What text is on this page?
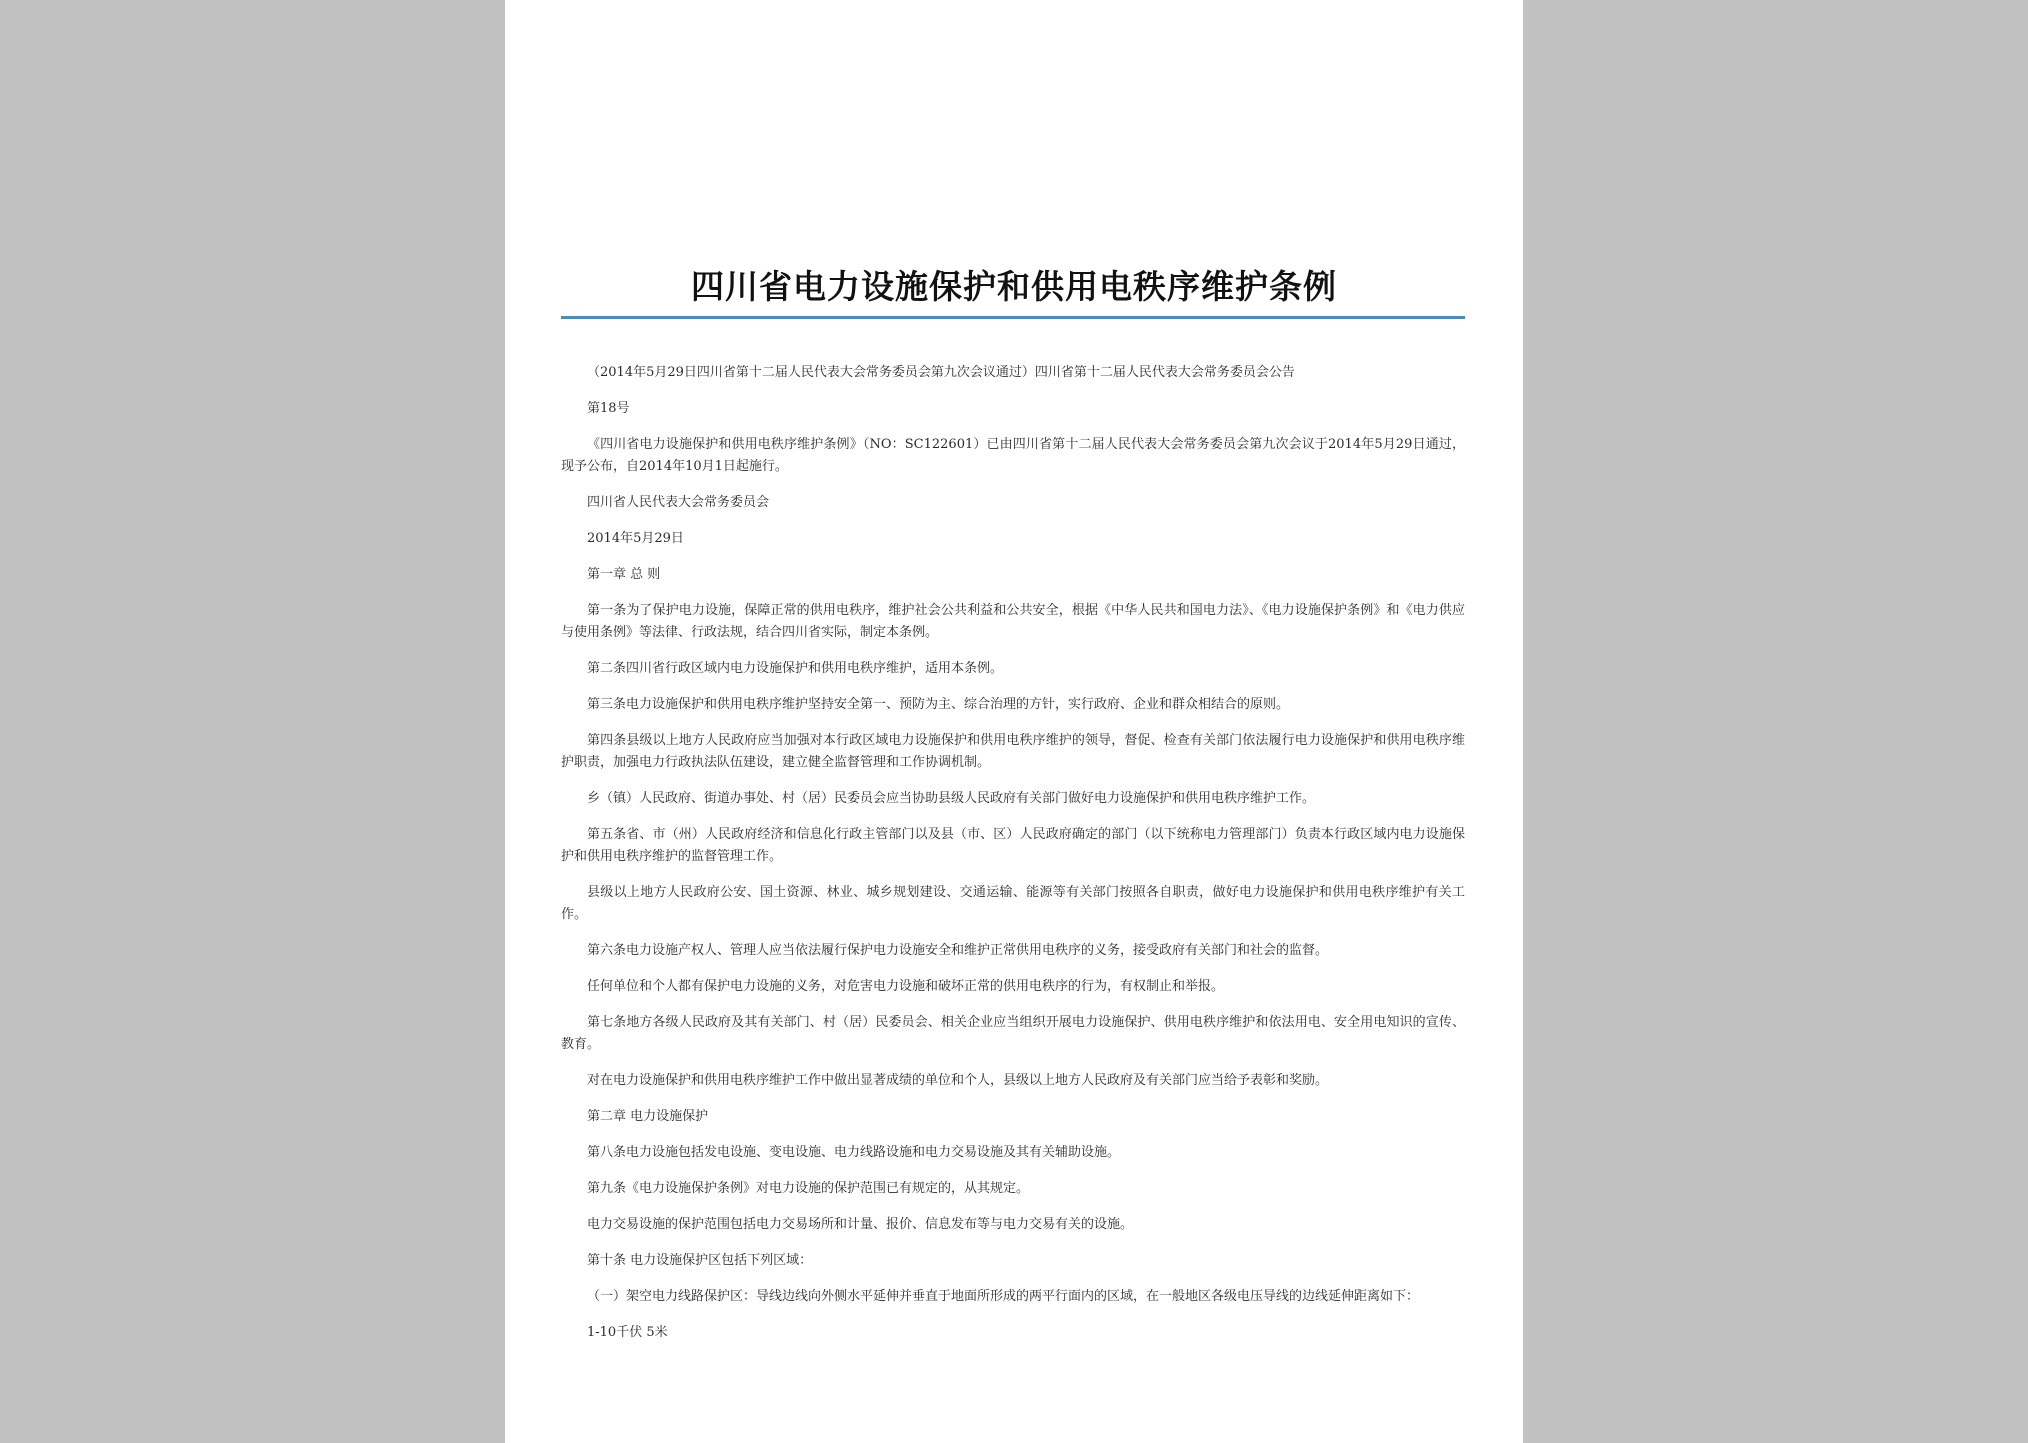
四川省电力设施保护和供用电秩序维护条例

（2014年5月29日四川省第十二届人民代表大会常务委员会第九次会议通过）四川省第十二届人民代表大会常务委员会公告

第18号

《四川省电力设施保护和供用电秩序维护条例》（NO：SC122601）已由四川省第十二届人民代表大会常务委员会第九次会议于2014年5月29日通过，现予公布，自2014年10月1日起施行。

四川省人民代表大会常务委员会

2014年5月29日

第一章 总 则

第一条为了保护电力设施，保障正常的供用电秩序，维护社会公共利益和公共安全，根据《中华人民共和国电力法》、《电力设施保护条例》和《电力供应与使用条例》等法律、行政法规，结合四川省实际，制定本条例。

第二条四川省行政区域内电力设施保护和供用电秩序维护，适用本条例。

第三条电力设施保护和供用电秩序维护坚持安全第一、预防为主、综合治理的方针，实行政府、企业和群众相结合的原则。

第四条县级以上地方人民政府应当加强对本行政区域电力设施保护和供用电秩序维护的领导，督促、检查有关部门依法履行电力设施保护和供用电秩序维护职责，加强电力行政执法队伍建设，建立健全监督管理和工作协调机制。

乡（镇）人民政府、街道办事处、村（居）民委员会应当协助县级人民政府有关部门做好电力设施保护和供用电秩序维护工作。

第五条省、市（州）人民政府经济和信息化行政主管部门以及县（市、区）人民政府确定的部门（以下统称电力管理部门）负责本行政区域内电力设施保护和供用电秩序维护的监督管理工作。

县级以上地方人民政府公安、国土资源、林业、城乡规划建设、交通运输、能源等有关部门按照各自职责，做好电力设施保护和供用电秩序维护有关工作。

第六条电力设施产权人、管理人应当依法履行保护电力设施安全和维护正常供用电秩序的义务，接受政府有关部门和社会的监督。

任何单位和个人都有保护电力设施的义务，对危害电力设施和破坏正常的供用电秩序的行为，有权制止和举报。

第七条地方各级人民政府及其有关部门、村（居）民委员会、相关企业应当组织开展电力设施保护、供用电秩序维护和依法用电、安全用电知识的宣传、教育。

对在电力设施保护和供用电秩序维护工作中做出显著成绩的单位和个人，县级以上地方人民政府及有关部门应当给予表彰和奖励。

第二章 电力设施保护

第八条电力设施包括发电设施、变电设施、电力线路设施和电力交易设施及其有关辅助设施。

第九条《电力设施保护条例》对电力设施的保护范围已有规定的，从其规定。

电力交易设施的保护范围包括电力交易场所和计量、报价、信息发布等与电力交易有关的设施。

第十条 电力设施保护区包括下列区域：

（一）架空电力线路保护区：导线边线向外侧水平延伸并垂直于地面所形成的两平行面内的区域，在一般地区各级电压导线的边线延伸距离如下：

1-10千伏 5米
